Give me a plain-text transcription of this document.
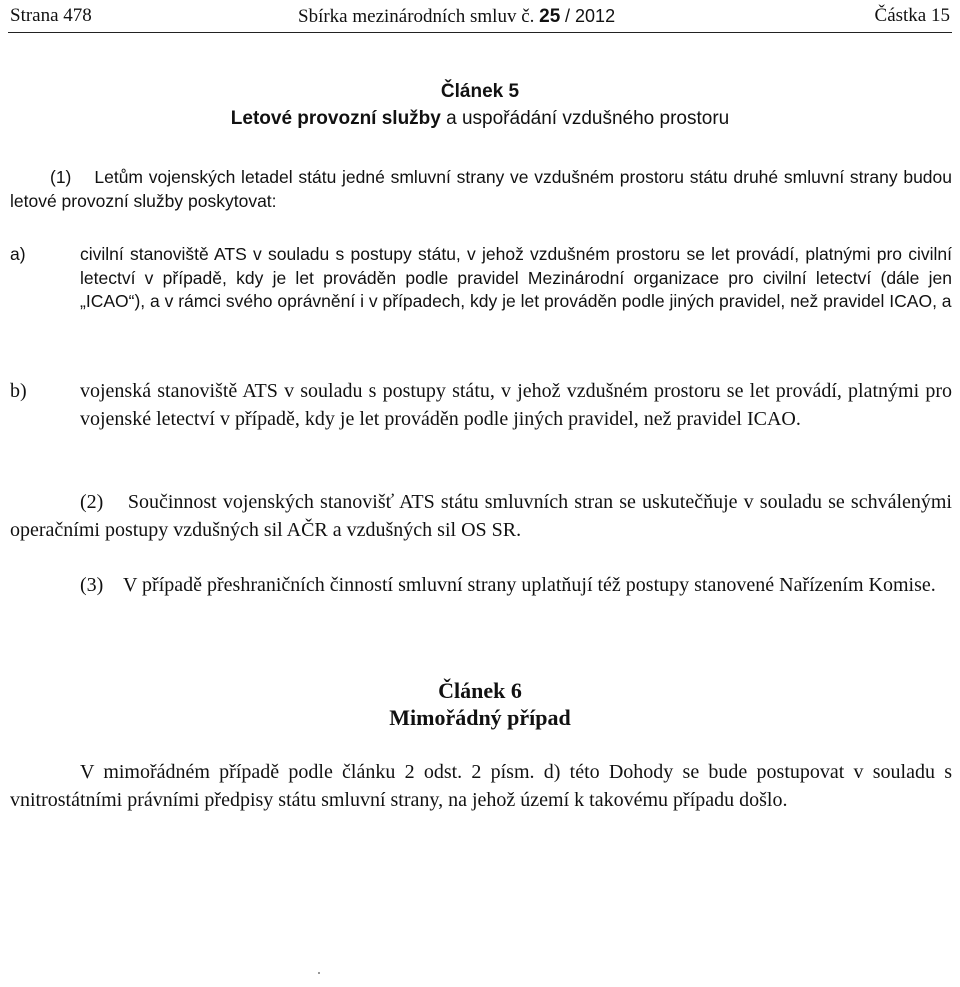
Strana 478	Sbírka mezinárodních smluv č. 25 / 2012	Částka 15
Článek 5
Letové provozní služby a uspořádání vzdušného prostoru
(1)    Letům vojenských letadel státu jedné smluvní strany ve vzdušném prostoru státu druhé smluvní strany budou letové provozní služby poskytovat:
a)	civilní stanoviště ATS v souladu s postupy státu, v jehož vzdušném prostoru se let provádí, platnými pro civilní letectví v případě, kdy je let prováděn podle pravidel Mezinárodní organizace pro civilní letectví (dále jen „ICAO“), a v rámci svého oprávnění i v případech, kdy je let prováděn podle jiných pravidel, než pravidel ICAO, a
b)	vojenská stanoviště ATS v souladu s postupy státu, v jehož vzdušném prostoru se let provádí, platnými pro vojenské letectví v případě, kdy je let prováděn podle jiných pravidel, než pravidel ICAO.
(2)    Součinnost vojenských stanovišť ATS státu smluvních stran se uskutečňuje v souladu se schválenými operačními postupy vzdušných sil AČR a vzdušných sil OS SR.
(3)    V případě přeshraničních činností smluvní strany uplatňují též postupy stanovené Nařízením Komise.
Článek 6
Mimořádný případ
V mimořádném případě podle článku 2 odst. 2 písm. d) této Dohody se bude postupovat v souladu s vnitrostátními právními předpisy státu smluvní strany, na jehož území k takovému případu došlo.
